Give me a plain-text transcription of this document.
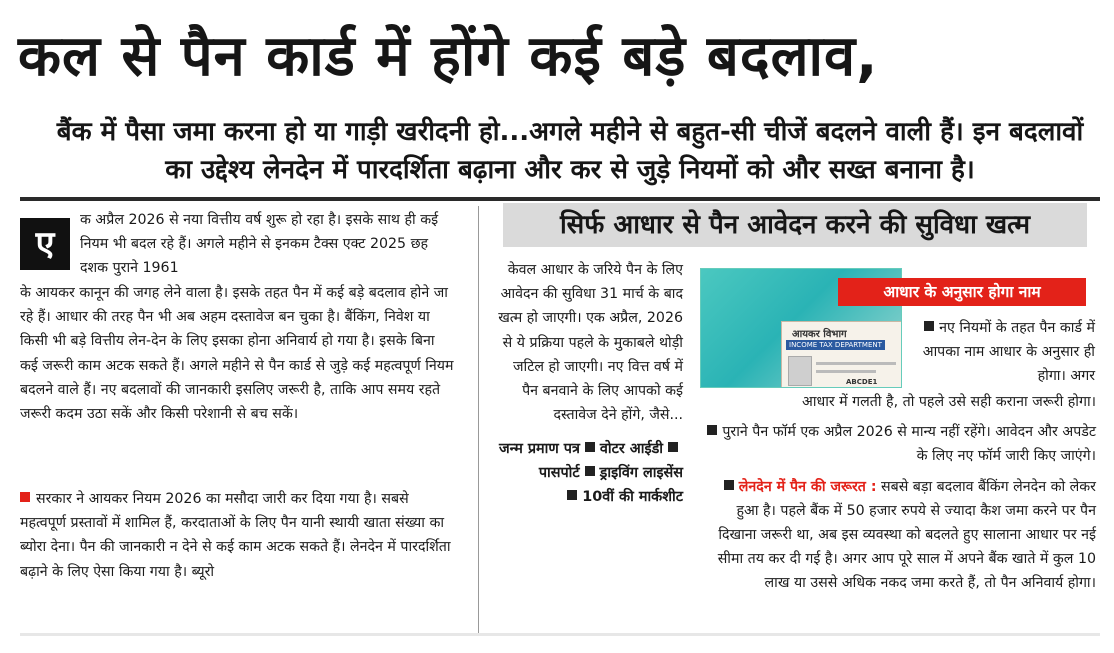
कल से पैन कार्ड में होंगे कई बड़े बदलाव,
बैंक में पैसा जमा करना हो या गाड़ी खरीदनी हो...अगले महीने से बहुत-सी चीजें बदलने वाली हैं। इन बदलावों का उद्देश्य लेनदेन में पारदर्शिता बढ़ाना और कर से जुड़े नियमों को और सख्त बनाना है।
ए

क अप्रैल 2026 से नया वित्तीय वर्ष शुरू हो रहा है। इसके साथ ही कई नियम भी बदल रहे हैं। अगले महीने से इनकम टैक्स एक्ट 2025 छह दशक पुराने 1961

के आयकर कानून की जगह लेने वाला है। इसके तहत पैन में कई बड़े बदलाव होने जा रहे हैं। आधार की तरह पैन भी अब अहम दस्तावेज बन चुका है। बैंकिंग, निवेश या किसी भी बड़े वित्तीय लेन-देन के लिए इसका होना अनिवार्य हो गया है। इसके बिना कई जरूरी काम अटक सकते हैं। अगले महीने से पैन कार्ड से जुड़े कई महत्वपूर्ण नियम बदलने वाले हैं। नए बदलावों की जानकारी इसलिए जरूरी है, ताकि आप समय रहते जरूरी कदम उठा सकें और किसी परेशानी से बच सकें।

सरकार ने आयकर नियम 2026 का मसौदा जारी कर दिया गया है। सबसे महत्वपूर्ण प्रस्तावों में शामिल हैं, करदाताओं के लिए पैन यानी स्थायी खाता संख्या का ब्योरा देना। पैन की जानकारी न देने से कई काम अटक सकते हैं। लेनदेन में पारदर्शिता बढ़ाने के लिए ऐसा किया गया है। ब्यूरो

सिर्फ आधार से पैन आवेदन करने की सुविधा खत्म

केवल आधार के जरिये पैन के लिए आवेदन की सुविधा 31 मार्च के बाद खत्म हो जाएगी। एक अप्रैल, 2026 से ये प्रक्रिया पहले के मुकाबले थोड़ी जटिल हो जाएगी। नए वित्त वर्ष में पैन बनवाने के लिए आपको कई दस्तावेज देने होंगे, जैसे...

जन्म प्रमाण पत्र वोटर आईडीपासपोर्ट ड्राइविंग लाइसेंस
10वीं की मार्कशीट

आयकर विभाग
INCOME TAX DEPARTMENT
ABCDE1
आधार के अनुसार होगा नाम

नए नियमों के तहत पैन कार्ड में आपका नाम आधार के अनुसार ही होगा। अगर

आधार में गलती है, तो पहले उसे सही कराना जरूरी होगा।

पुराने पैन फॉर्म एक अप्रैल 2026 से मान्य नहीं रहेंगे। आवेदन और अपडेट के लिए नए फॉर्म जारी किए जाएंगे।

लेनदेन में पैन की जरूरत : सबसे बड़ा बदलाव बैंकिंग लेनदेन को लेकर हुआ है। पहले बैंक में 50 हजार रुपये से ज्यादा कैश जमा करने पर पैन दिखाना जरूरी था, अब इस व्यवस्था को बदलते हुए सालाना आधार पर नई सीमा तय कर दी गई है। अगर आप पूरे साल में अपने बैंक खाते में कुल 10 लाख या उससे अधिक नकद जमा करते हैं, तो पैन अनिवार्य होगा।
